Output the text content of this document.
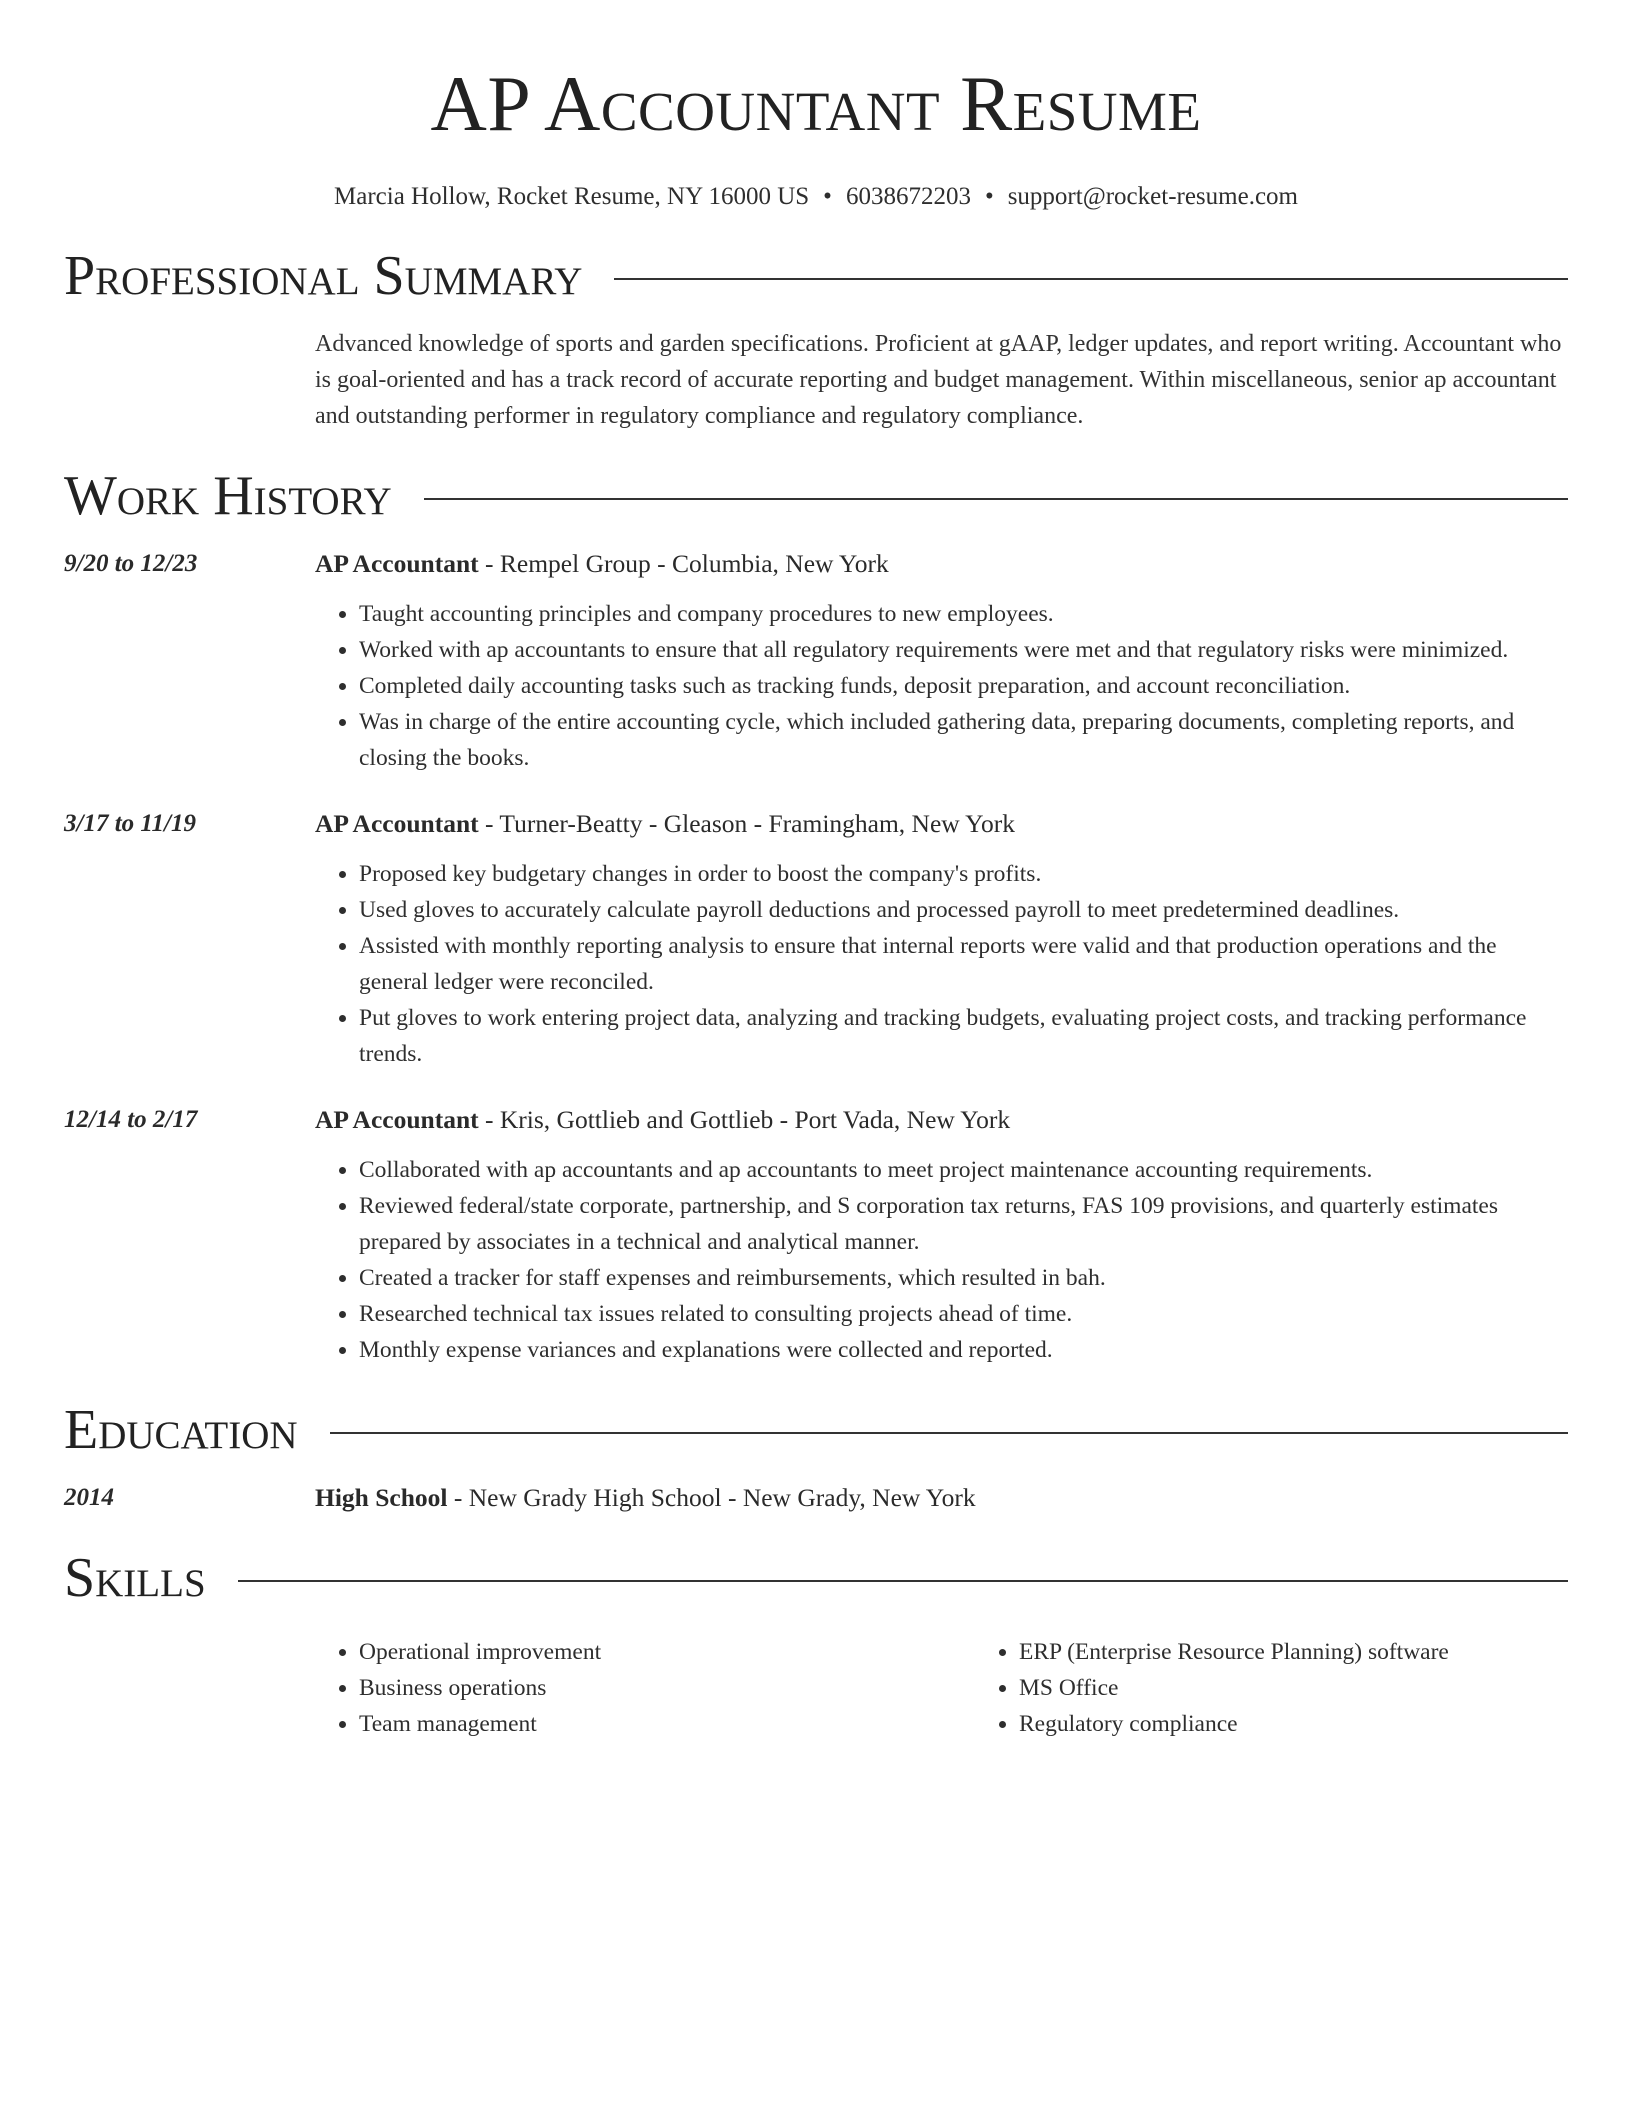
AP Accountant Resume
Marcia Hollow, Rocket Resume, NY 16000 US • 6038672203 • support@rocket-resume.com
Professional Summary
Advanced knowledge of sports and garden specifications. Proficient at gAAP, ledger updates, and report writing. Accountant who is goal-oriented and has a track record of accurate reporting and budget management. Within miscellaneous, senior ap accountant and outstanding performer in regulatory compliance and regulatory compliance.
Work History
9/20 to 12/23	AP Accountant - Rempel Group - Columbia, New York
• Taught accounting principles and company procedures to new employees.
• Worked with ap accountants to ensure that all regulatory requirements were met and that regulatory risks were minimized.
• Completed daily accounting tasks such as tracking funds, deposit preparation, and account reconciliation.
• Was in charge of the entire accounting cycle, which included gathering data, preparing documents, completing reports, and closing the books.
3/17 to 11/19	AP Accountant - Turner-Beatty - Gleason - Framingham, New York
• Proposed key budgetary changes in order to boost the company's profits.
• Used gloves to accurately calculate payroll deductions and processed payroll to meet predetermined deadlines.
• Assisted with monthly reporting analysis to ensure that internal reports were valid and that production operations and the general ledger were reconciled.
• Put gloves to work entering project data, analyzing and tracking budgets, evaluating project costs, and tracking performance trends.
12/14 to 2/17	AP Accountant - Kris, Gottlieb and Gottlieb - Port Vada, New York
• Collaborated with ap accountants and ap accountants to meet project maintenance accounting requirements.
• Reviewed federal/state corporate, partnership, and S corporation tax returns, FAS 109 provisions, and quarterly estimates prepared by associates in a technical and analytical manner.
• Created a tracker for staff expenses and reimbursements, which resulted in bah.
• Researched technical tax issues related to consulting projects ahead of time.
• Monthly expense variances and explanations were collected and reported.
Education
2014	High School - New Grady High School - New Grady, New York
Skills
• Operational improvement
• Business operations
• Team management
• ERP (Enterprise Resource Planning) software
• MS Office
• Regulatory compliance
